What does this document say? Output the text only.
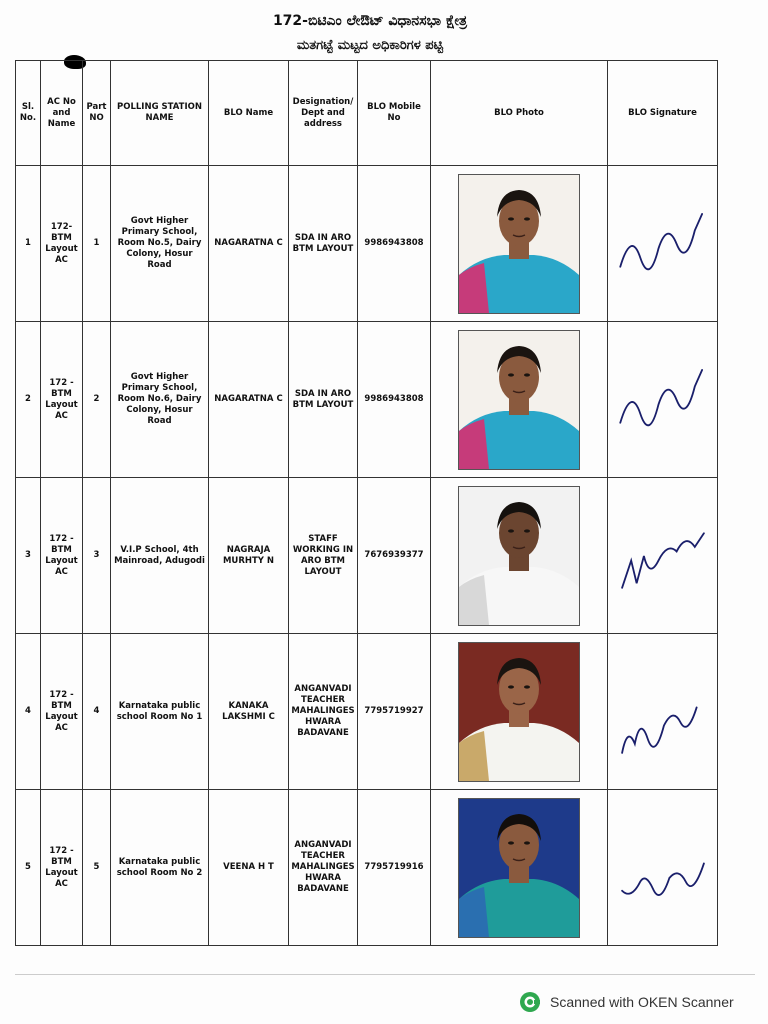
172-ಬಿಟಿಎಂ ಲೇಔಟ್ ವಿಧಾನಸಭಾ ಕ್ಷೇತ್ರ
ಮತಗಟ್ಟೆ ಮಟ್ಟದ ಅಧಿಕಾರಿಗಳ ಪಟ್ಟಿ
Sl. No.	AC No and Name	Part NO	POLLING STATION NAME	BLO Name	Designation/ Dept and address	BLO Mobile No	BLO Photo	BLO Signature
1	172- BTM Layout AC	1	Govt Higher Primary School, Room No.5, Dairy Colony, Hosur Road	NAGARATNA C	SDA IN ARO BTM LAYOUT	9986943808	

2	172 - BTM Layout AC	2	Govt Higher Primary School, Room No.6, Dairy Colony, Hosur Road	NAGARATNA C	SDA IN ARO BTM LAYOUT	9986943808	

3	172 - BTM Layout AC	3	V.I.P School, 4th Mainroad, Adugodi	NAGRAJA MURHTY N	STAFF WORKING IN ARO BTM LAYOUT	7676939377	

4	172 - BTM Layout AC	4	Karnataka public school Room No 1	KANAKA LAKSHMI C	ANGANVADI TEACHER MAHALINGES HWARA BADAVANE	7795719927	

5	172 - BTM Layout AC	5	Karnataka public school Room No 2	VEENA H T	ANGANVADI TEACHER MAHALINGES HWARA BADAVANE	7795719916	

Scanned with OKEN Scanner
